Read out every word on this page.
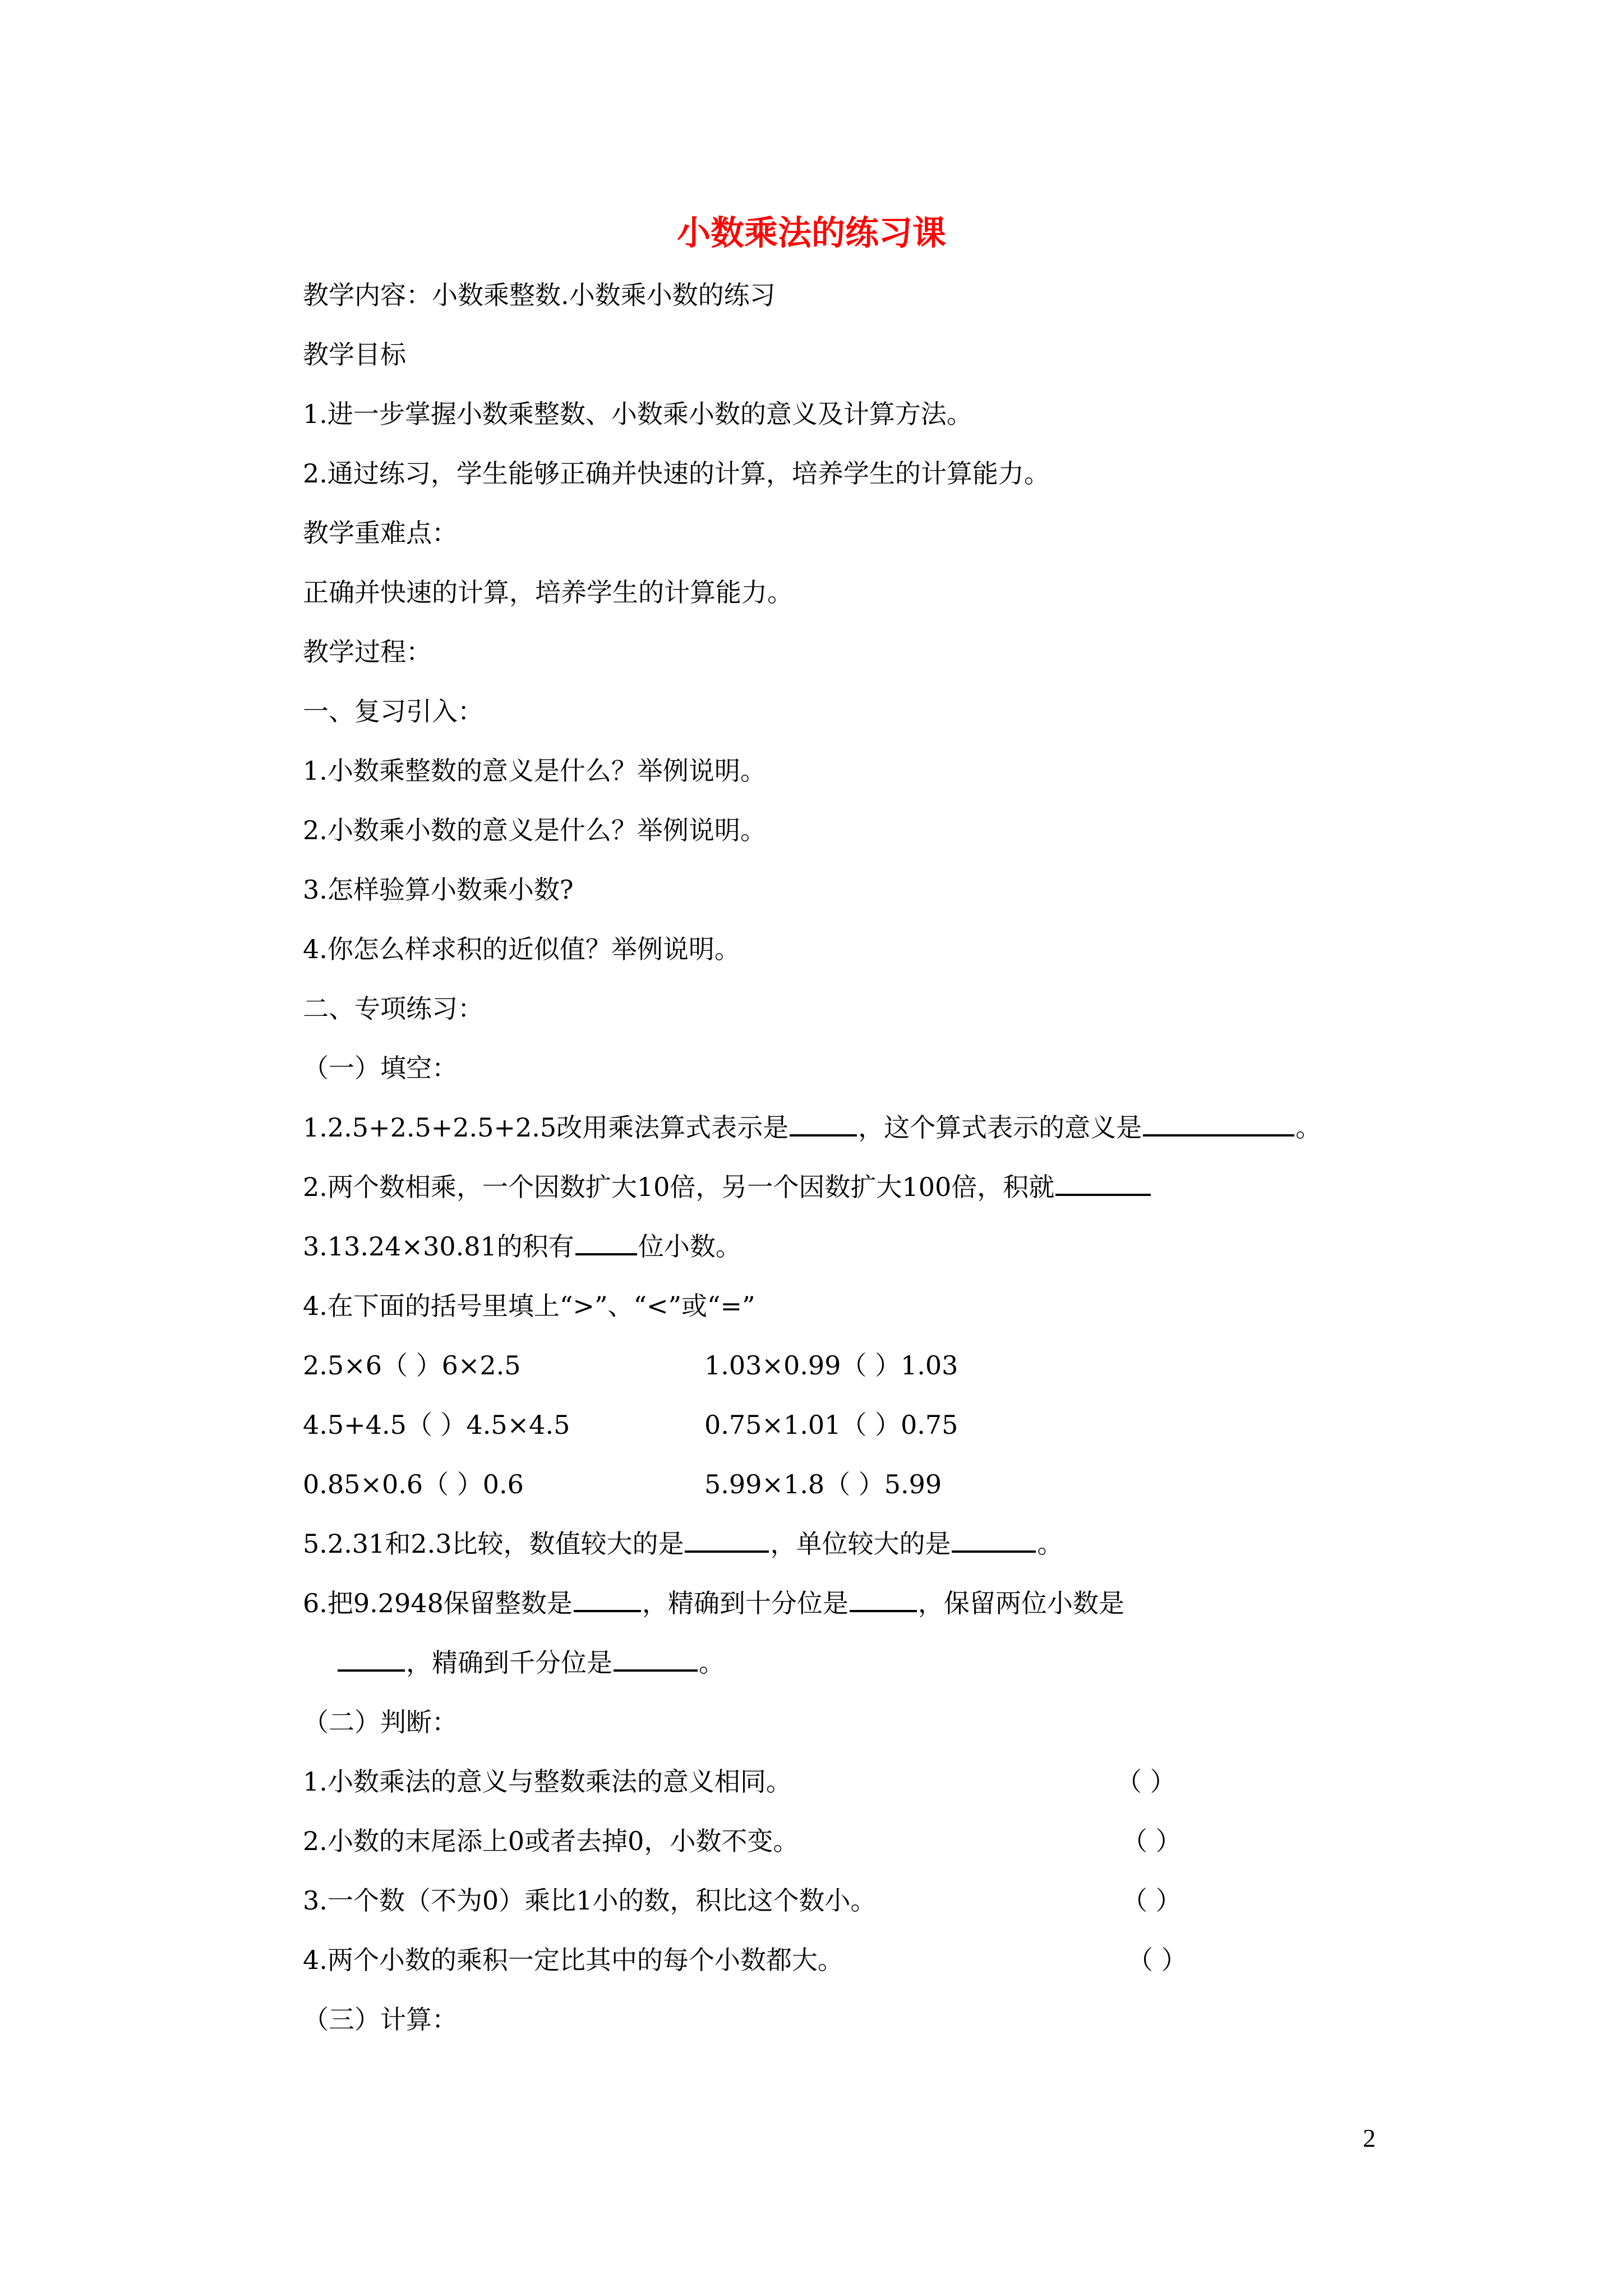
小数乘法的练习课
教学内容：小数乘整数.小数乘小数的练习
教学目标
1.进一步掌握小数乘整数、小数乘小数的意义及计算方法。
2.通过练习，学生能够正确并快速的计算，培养学生的计算能力。
教学重难点：
正确并快速的计算，培养学生的计算能力。
教学过程：
一、复习引入：
1.小数乘整数的意义是什么？举例说明。
2.小数乘小数的意义是什么？举例说明。
3.怎样验算小数乘小数?
4.你怎么样求积的近似值？举例说明。
二、专项练习：
（一）填空：
1.2.5+2.5+2.5+2.5改用乘法算式表示是	，这个算式表示的意义是	。
2.两个数相乘，一个因数扩大10倍，另一个因数扩大100倍，积就
3.13.24×30.81的积有 位小数。
4.在下面的括号里填上“>”、“<”或“=”
2.5×6（ ）6×2.5	1.03×0.99（ ）1.03
4.5+4.5（ ）4.5×4.5	0.75×1.01（ ）0.75
0.85×0.6（ ）0.6	5.99×1.8（ ）5.99
5.2.31和2.3比较，数值较大的是	，单位较大的是	。
6.把9.2948保留整数是	，精确到十分位是	，保留两位小数是
，精确到千分位是	。
（二）判断：
1.小数乘法的意义与整数乘法的意义相同。	（ ）
2.小数的末尾添上0或者去掉0，小数不变。	（ ）
3.一个数（不为0）乘比1小的数，积比这个数小。	（ ）
4.两个小数的乘积一定比其中的每个小数都大。	（ ）
（三）计算：
2
